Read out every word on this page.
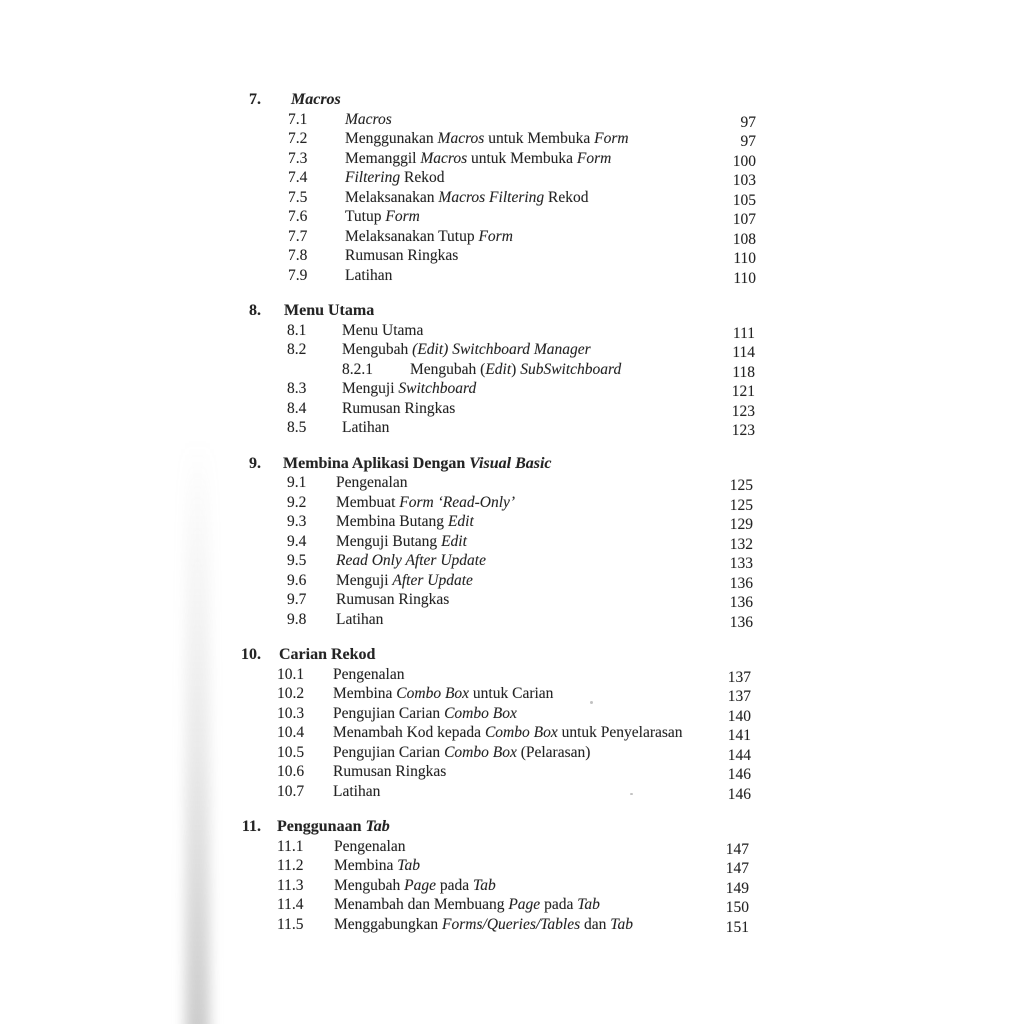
7. Macros
7.1 Macros	97
7.2 Menggunakan Macros untuk Membuka Form	97
7.3 Memanggil Macros untuk Membuka Form	100
7.4 Filtering Rekod	103
7.5 Melaksanakan Macros Filtering Rekod	105
7.6 Tutup Form	107
7.7 Melaksanakan Tutup Form	108
7.8 Rumusan Ringkas	110
7.9 Latihan	110
8. Menu Utama
8.1 Menu Utama	111
8.2 Mengubah (Edit) Switchboard Manager	114
8.2.1 Mengubah (Edit) SubSwitchboard	118
8.3 Menguji Switchboard	121
8.4 Rumusan Ringkas	123
8.5 Latihan	123
9. Membina Aplikasi Dengan Visual Basic
9.1 Pengenalan	125
9.2 Membuat Form ‘Read-Only’	125
9.3 Membina Butang Edit	129
9.4 Menguji Butang Edit	132
9.5 Read Only After Update	133
9.6 Menguji After Update	136
9.7 Rumusan Ringkas	136
9.8 Latihan	136
10. Carian Rekod
10.1 Pengenalan	137
10.2 Membina Combo Box untuk Carian	137
10.3 Pengujian Carian Combo Box	140
10.4 Menambah Kod kepada Combo Box untuk Penyelarasan	141
10.5 Pengujian Carian Combo Box (Pelarasan)	144
10.6 Rumusan Ringkas	146
10.7 Latihan	146
11. Penggunaan Tab
11.1 Pengenalan	147
11.2 Membina Tab	147
11.3 Mengubah Page pada Tab	149
11.4 Menambah dan Membuang Page pada Tab	150
11.5 Menggabungkan Forms/Queries/Tables dan Tab	151
